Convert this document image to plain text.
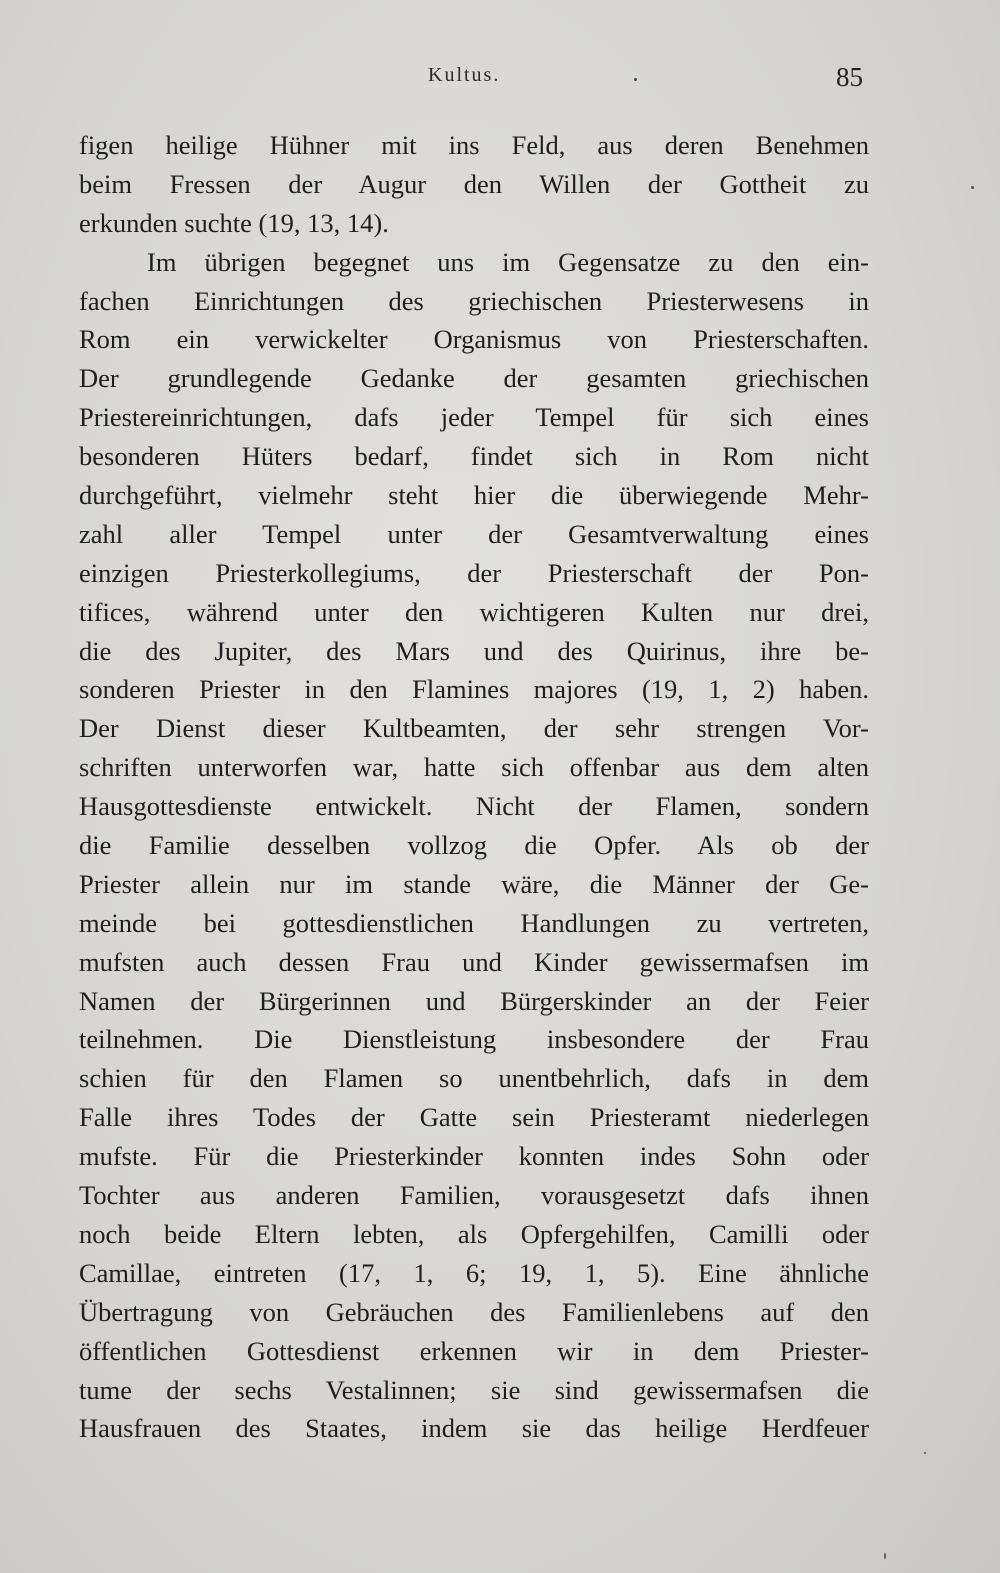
Kultus.	85
figen heilige Hühner mit ins Feld, aus deren Benehmen
beim Fressen der Augur den Willen der Gottheit zu
erkunden suchte (19, 13, 14).
Im übrigen begegnet uns im Gegensatze zu den ein-
fachen Einrichtungen des griechischen Priesterwesens in
Rom ein verwickelter Organismus von Priesterschaften.
Der grundlegende Gedanke der gesamten griechischen
Priestereinrichtungen, dafs jeder Tempel für sich eines
besonderen Hüters bedarf, findet sich in Rom nicht
durchgeführt, vielmehr steht hier die überwiegende Mehr-
zahl aller Tempel unter der Gesamtverwaltung eines
einzigen Priesterkollegiums, der Priesterschaft der Pon-
tifices, während unter den wichtigeren Kulten nur drei,
die des Jupiter, des Mars und des Quirinus, ihre be-
sonderen Priester in den Flamines majores (19, 1, 2) haben.
Der Dienst dieser Kultbeamten, der sehr strengen Vor-
schriften unterworfen war, hatte sich offenbar aus dem alten
Hausgottesdienste entwickelt. Nicht der Flamen, sondern
die Familie desselben vollzog die Opfer. Als ob der
Priester allein nur im stande wäre, die Männer der Ge-
meinde bei gottesdienstlichen Handlungen zu vertreten,
mufsten auch dessen Frau und Kinder gewissermafsen im
Namen der Bürgerinnen und Bürgerskinder an der Feier
teilnehmen. Die Dienstleistung insbesondere der Frau
schien für den Flamen so unentbehrlich, dafs in dem
Falle ihres Todes der Gatte sein Priesteramt niederlegen
mufste. Für die Priesterkinder konnten indes Sohn oder
Tochter aus anderen Familien, vorausgesetzt dafs ihnen
noch beide Eltern lebten, als Opfergehilfen, Camilli oder
Camillae, eintreten (17, 1, 6; 19, 1, 5). Eine ähnliche
Übertragung von Gebräuchen des Familienlebens auf den
öffentlichen Gottesdienst erkennen wir in dem Priester-
tume der sechs Vestalinnen; sie sind gewissermafsen die
Hausfrauen des Staates, indem sie das heilige Herdfeuer
